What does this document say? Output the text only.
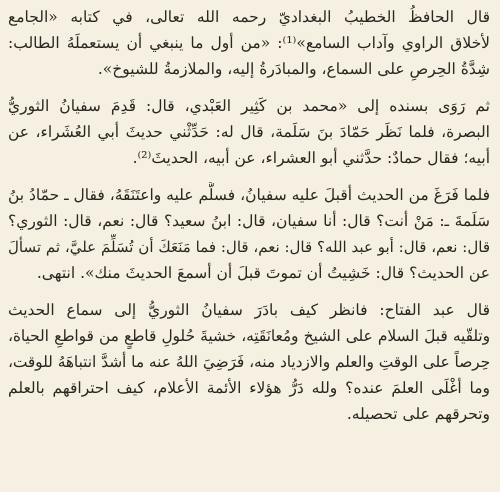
قال الحافظُ الخطيبُ البغداديّ رحمه الله تعالى، في كتابه «الجامع
لأخلاق الراوي وآداب السامع»⁽¹⁾: «من أول ما ينبغي أن يستعملَهُ الطالب:
شِدَّةُ الحِرصِ على السماع، والمبادَرةُ إليه، والملازمةُ للشيوخ».
ثم رَوَى بسنده إلى «محمد بن كَثِير العَبْدي، قال: قَدِمَ سفيانُ الثوريُّ
البصرة، فلما نَظَر حَمّادَ بنَ سَلَمة، قال له: حَدِّثْني حديثَ أبي العُشَراء، عن
أبيه؛ فقال حمادٌ: حدَّثني أبو العشراء، عن أبيه، الحديثَ⁽²⁾.
فلما فَرَغَ من الحديث أقبلَ عليه سفيانُ، فسلَّم عليه واعتَنَقَهُ، فقال ـ حمّادُ بنُ
سَلَمةَ ـ: مَنْ أنت؟ قال: أنا سفيان، قال: ابنُ سعيد؟ قال: نعم، قال: الثوري؟
قال: نعم، قال: أبو عبد الله؟ قال: نعم، قال: فما مَنَعَكَ أن تُسَلِّمَ عليَّ، ثم تسألَ
عن الحديث؟ قال: خَشِيتُ أن تموتَ قبلَ أن أسمعَ الحديثَ منك». انتهى.
قال عبد الفتاح: فانظر كيف بادَرَ سفيانُ الثوريُّ إلى سماع الحديث
وتلقّيه قبلَ السلام على الشيخ ومُعانَقَتِه، خشيةَ حُلولِ قاطعٍ من قواطعِ الحياة،
حِرصاً على الوقتِ والعلم والازدياد منه، فَرَضِيَ اللهُ عنه ما أشدَّ انتباهَهُ للوقت،
وما أغْلَى العلمَ عنده؟ ولله دَرُّ هؤلاء الأئمة الأعلام، كيف احتراقهم بالعلم
وتحرقهم على تحصيله.
